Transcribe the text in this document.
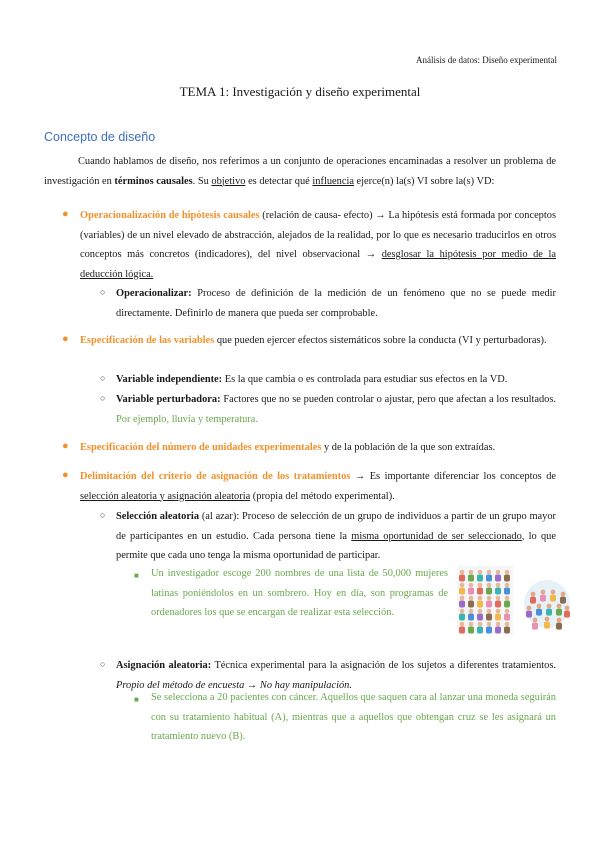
Análisis de datos: Diseño experimental
TEMA 1: Investigación y diseño experimental
Concepto de diseño
Cuando hablamos de diseño, nos referimos a un conjunto de operaciones encaminadas a resolver un problema de investigación en términos causales. Su objetivo es detectar qué influencia ejerce(n) la(s) VI sobre la(s) VD:
● Operacionalización de hipótesis causales (relación de causa- efecto) → La hipótesis está formada por conceptos (variables) de un nivel elevado de abstracción, alejados de la realidad, por lo que es necesario traducirlos en otros conceptos más concretos (indicadores), del nivel observacional → desglosar la hipótesis por medio de la deducción lógica.
○ Operacionalizar: Proceso de definición de la medición de un fenómeno que no se puede medir directamente. Definirlo de manera que pueda ser comprobable.
● Especificación de las variables que pueden ejercer efectos sistemáticos sobre la conducta (VI y perturbadoras).
○ Variable independiente: Es la que cambia o es controlada para estudiar sus efectos en la VD.
○ Variable perturbadora: Factores que no se pueden controlar o ajustar, pero que afectan a los resultados. Por ejemplo, lluvia y temperatura.
● Especificación del número de unidades experimentales y de la población de la que son extraídas.
● Delimitación del criterio de asignación de los tratamientos → Es importante diferenciar los conceptos de selección aleatoria y asignación aleatoria (propia del método experimental).
○ Selección aleatoria (al azar): Proceso de selección de un grupo de individuos a partir de un grupo mayor de participantes en un estudio. Cada persona tiene la misma oportunidad de ser seleccionado, lo que permite que cada uno tenga la misma oportunidad de participar.
■ Un investigador escoge 200 nombres de una lista de 50,000 mujeres latinas poniéndolos en un sombrero. Hoy en día, son programas de ordenadores los que se encargan de realizar esta selección.
○ Asignación aleatoria: Técnica experimental para la asignación de los sujetos a diferentes tratamientos. Propio del método de encuesta → No hay manipulación.
■ Se selecciona a 20 pacientes con cáncer. Aquellos que saquen cara al lanzar una moneda seguirán con su tratamiento habitual (A), mientras que a aquellos que obtengan cruz se les asignará un tratamiento nuevo (B).
